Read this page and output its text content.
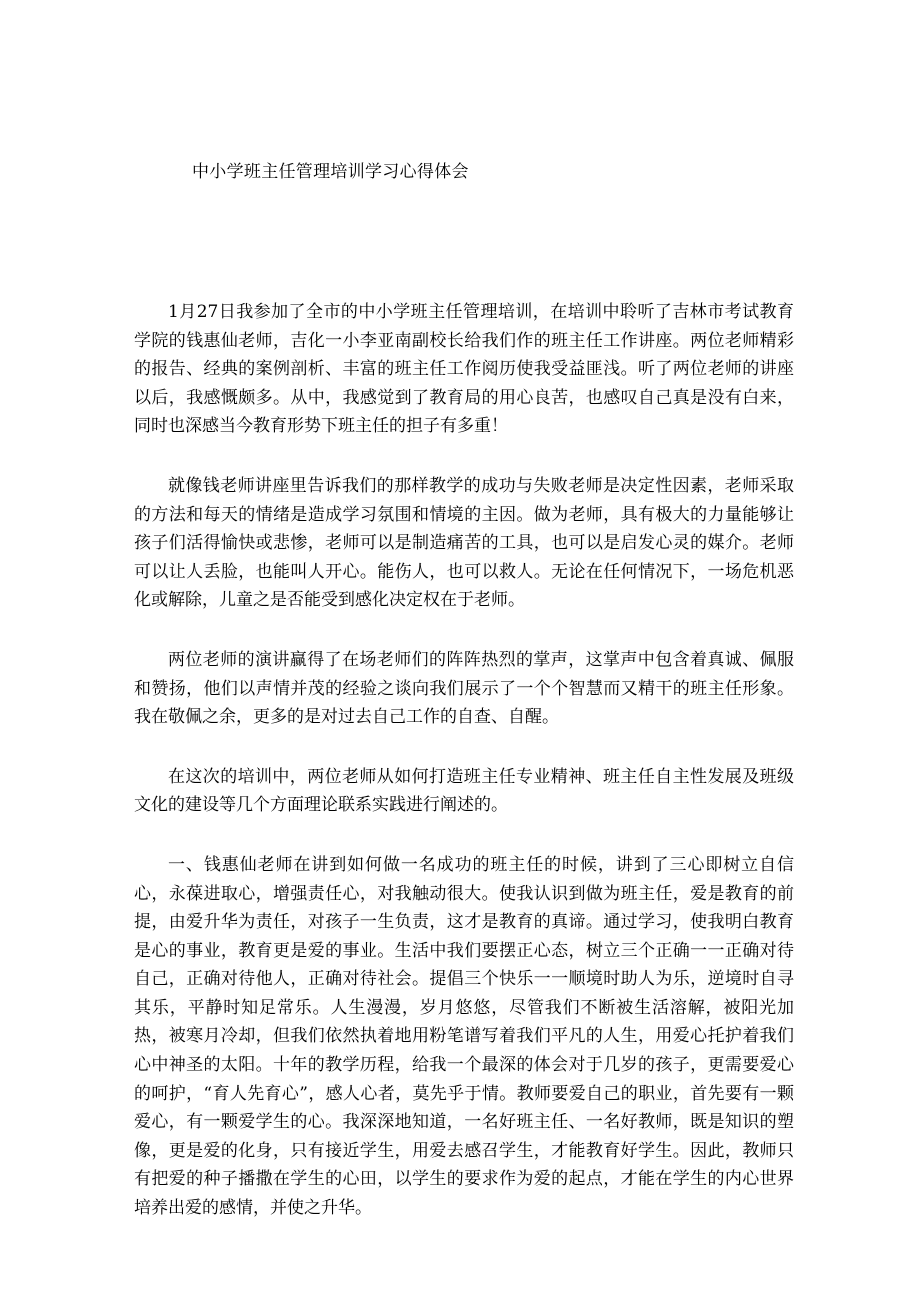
中小学班主任管理培训学习心得体会

1月27日我参加了全市的中小学班主任管理培训，在培训中聆听了吉林市考试教育学院的钱惠仙老师，吉化一小李亚南副校长给我们作的班主任工作讲座。两位老师精彩的报告、经典的案例剖析、丰富的班主任工作阅历使我受益匪浅。听了两位老师的讲座以后，我感慨颇多。从中，我感觉到了教育局的用心良苦，也感叹自己真是没有白来，同时也深感当今教育形势下班主任的担子有多重！

就像钱老师讲座里告诉我们的那样教学的成功与失败老师是决定性因素，老师采取的方法和每天的情绪是造成学习氛围和情境的主因。做为老师，具有极大的力量能够让孩子们活得愉快或悲惨，老师可以是制造痛苦的工具，也可以是启发心灵的媒介。老师可以让人丢脸，也能叫人开心。能伤人，也可以救人。无论在任何情况下，一场危机恶化或解除，儿童之是否能受到感化决定权在于老师。

两位老师的演讲赢得了在场老师们的阵阵热烈的掌声，这掌声中包含着真诚、佩服和赞扬，他们以声情并茂的经验之谈向我们展示了一个个智慧而又精干的班主任形象。我在敬佩之余，更多的是对过去自己工作的自查、自醒。

在这次的培训中，两位老师从如何打造班主任专业精神、班主任自主性发展及班级文化的建设等几个方面理论联系实践进行阐述的。

一、钱惠仙老师在讲到如何做一名成功的班主任的时候，讲到了三心即树立自信心，永葆进取心，增强责任心，对我触动很大。使我认识到做为班主任，爱是教育的前提，由爱升华为责任，对孩子一生负责，这才是教育的真谛。通过学习，使我明白教育是心的事业，教育更是爱的事业。生活中我们要摆正心态，树立三个正确一一正确对待自己，正确对待他人，正确对待社会。提倡三个快乐一一顺境时助人为乐，逆境时自寻其乐，平静时知足常乐。人生漫漫，岁月悠悠，尽管我们不断被生活溶解，被阳光加热，被寒月冷却，但我们依然执着地用粉笔谱写着我们平凡的人生，用爱心托护着我们心中神圣的太阳。十年的教学历程，给我一个最深的体会对于几岁的孩子，更需要爱心的呵护，“育人先育心”，感人心者，莫先乎于情。教师要爱自己的职业，首先要有一颗爱心，有一颗爱学生的心。我深深地知道，一名好班主任、一名好教师，既是知识的塑像，更是爱的化身，只有接近学生，用爱去感召学生，才能教育好学生。因此，教师只有把爱的种子播撒在学生的心田，以学生的要求作为爱的起点，才能在学生的内心世界培养出爱的感情，并使之升华。
